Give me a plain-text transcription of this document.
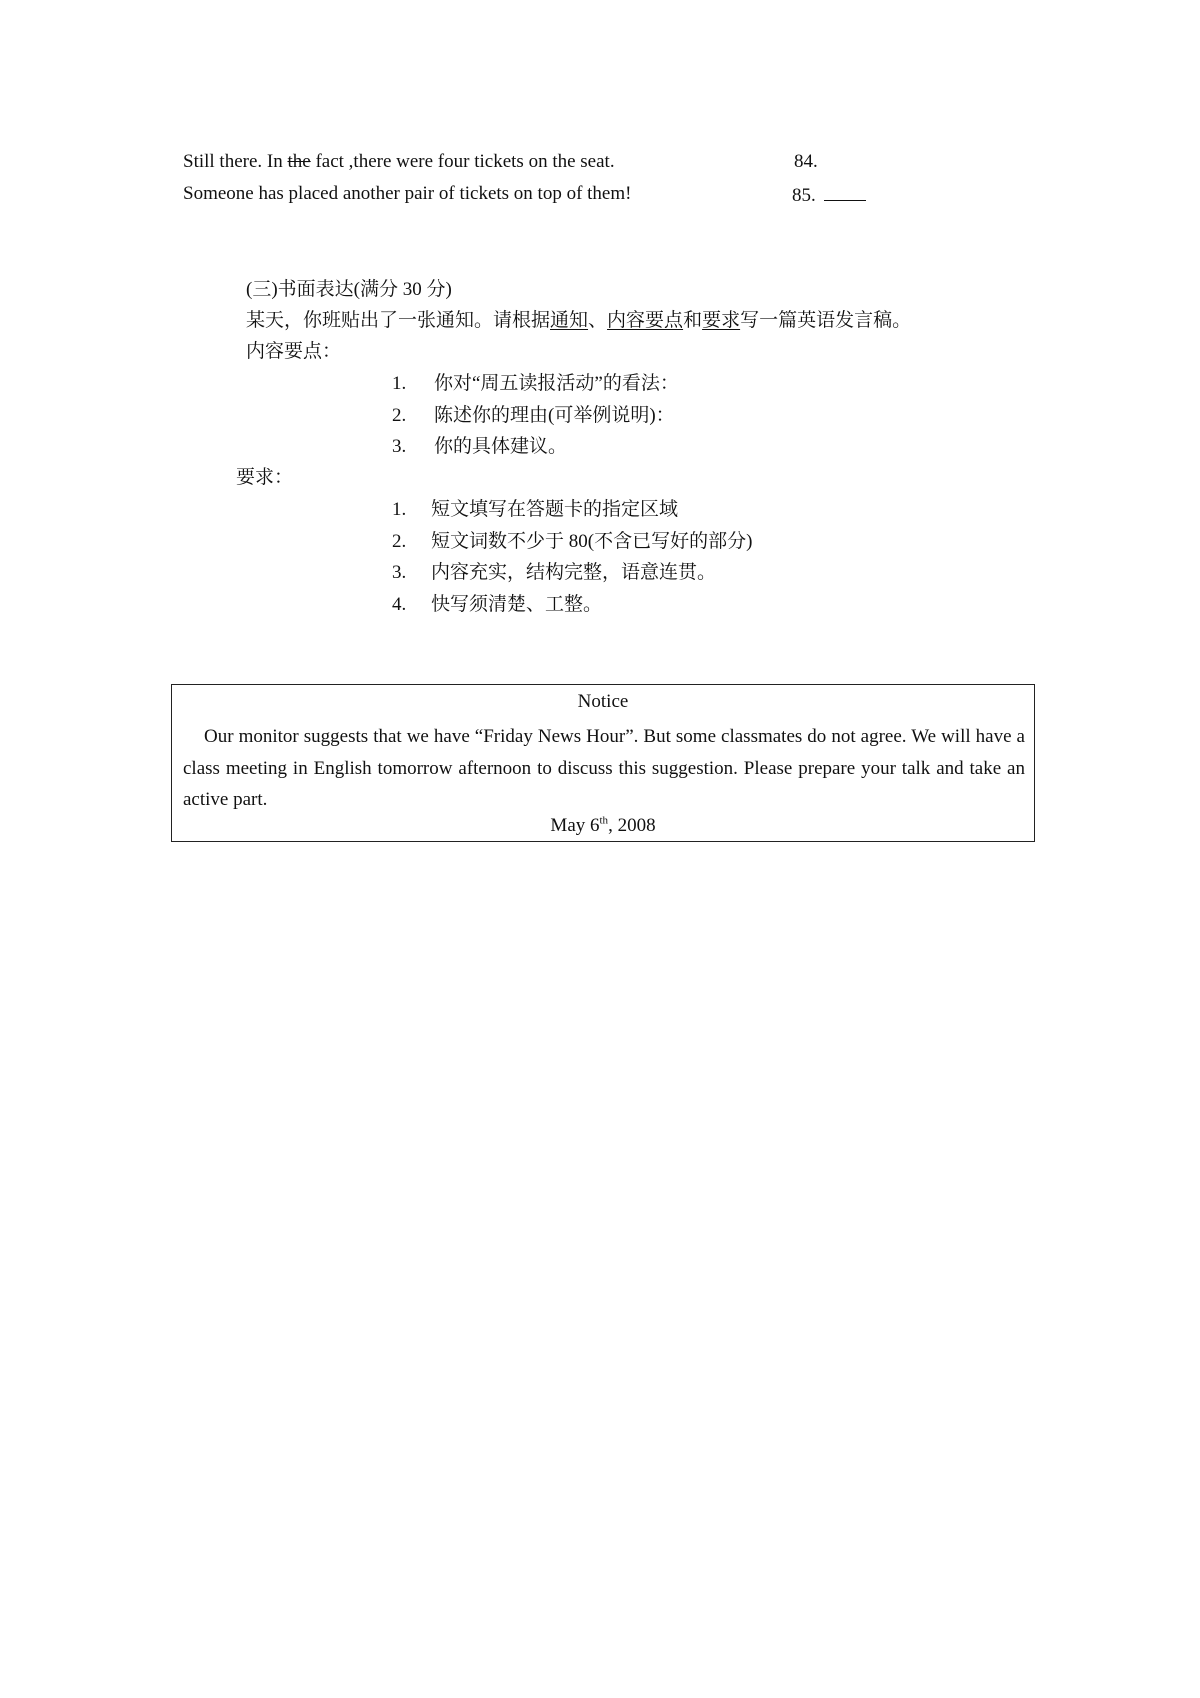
Still there. In the fact ,there were four tickets on the seat.	84.
Someone has placed another pair of tickets on top of them!	85.
(三)书面表达(满分 30 分)
某天，你班贴出了一张通知。请根据通知、内容要点和要求写一篇英语发言稿。
内容要点：
1. 你对“周五读报活动”的看法：
2. 陈述你的理由(可举例说明)：
3. 你的具体建议。
要求：
1. 短文填写在答题卡的指定区域
2. 短文词数不少于 80(不含已写好的部分)
3. 内容充实，结构完整，语意连贯。
4. 快写须清楚、工整。
Notice
Our monitor suggests that we have “Friday News Hour”. But some classmates do not agree. We will have a class meeting in English tomorrow afternoon to discuss this suggestion. Please prepare your talk and take an active part.
May 6th, 2008
